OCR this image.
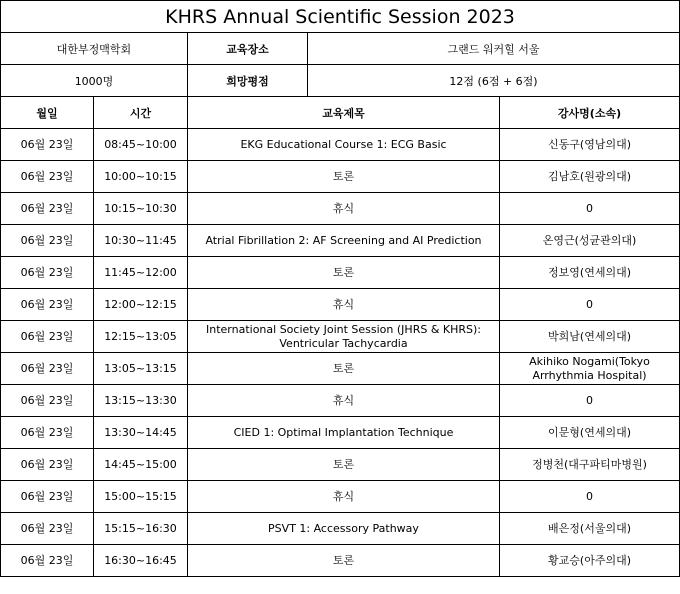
KHRS Annual Scientific Session 2023				
대한부정맥학회		교육장소	그랜드 워커힐 서울	
1000명		희망평점	12점 (6점 + 6점)	
월일	시간	교육제목		강사명(소속)
06월 23일	08:45~10:00	EKG Educational Course 1: ECG Basic		신동구(영남의대)
06월 23일	10:00~10:15	토론		김남호(원광의대)
06월 23일	10:15~10:30	휴식		0
06월 23일	10:30~11:45	Atrial Fibrillation 2: AF Screening and AI Prediction		온영근(성균관의대)
06월 23일	11:45~12:00	토론		정보영(연세의대)
06월 23일	12:00~12:15	휴식		0
06월 23일	12:15~13:05	International Society Joint Session (JHRS & KHRS): Ventricular Tachycardia		박희남(연세의대)
06월 23일	13:05~13:15	토론		Akihiko Nogami(Tokyo Arrhythmia Hospital)
06월 23일	13:15~13:30	휴식		0
06월 23일	13:30~14:45	CIED 1: Optimal Implantation Technique		이문형(연세의대)
06월 23일	14:45~15:00	토론		정병천(대구파티마병원)
06월 23일	15:00~15:15	휴식		0
06월 23일	15:15~16:30	PSVT 1: Accessory Pathway		배은정(서울의대)
06월 23일	16:30~16:45	토론		황교승(아주의대)
